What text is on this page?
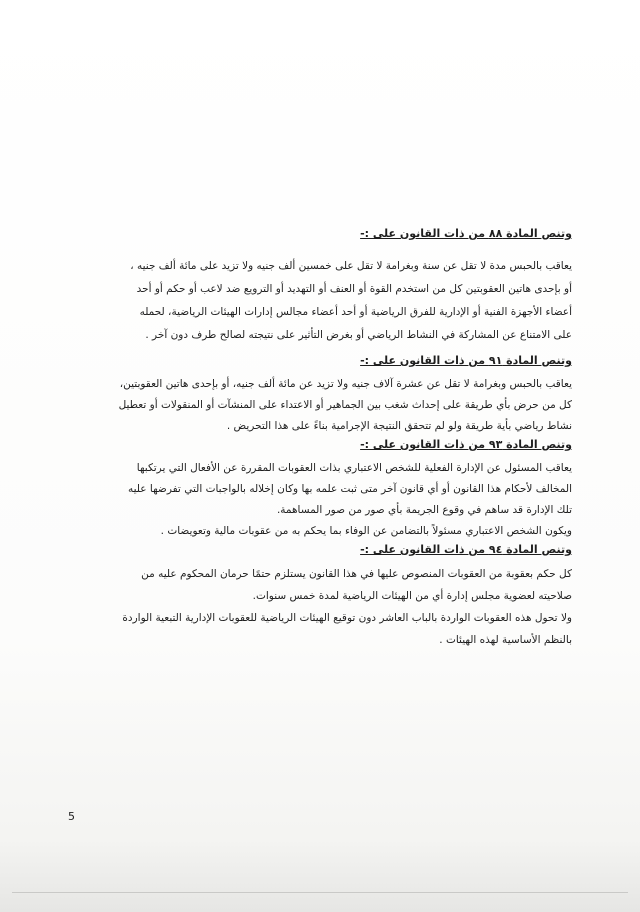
وتنص المادة ٨٨ من ذات القانون على :-

يعاقب بالحبس مدة لا تقل عن سنة وبغرامة لا تقل على خمسين ألف جنيه ولا تزيد على مائة ألف جنيه ،

أو بإحدى هاتين العقوبتين كل من استخدم القوة أو العنف أو التهديد أو الترويع ضد لاعب أو حكم أو أحد

أعضاء الأجهزة الفنية أو الإدارية للفرق الرياضية أو أحد أعضاء مجالس إدارات الهيئات الرياضية، لحمله

على الامتناع عن المشاركة في النشاط الرياضي أو بغرض التأثير على نتيجته لصالح طرف دون آخر .

وتنص المادة ٩١ من ذات القانون على :-

يعاقب بالحبس وبغرامة لا تقل عن عشرة آلاف جنيه ولا تزيد عن مائة ألف جنيه، أو بإحدى هاتين العقوبتين،

كل من حرض بأي طريقة على إحداث شغب بين الجماهير أو الاعتداء على المنشآت أو المنقولات أو تعطيل

نشاط رياضي بأية طريقة ولو لم تتحقق النتيجة الإجرامية بناءً على هذا التحريض .

وتنص المادة ٩٣ من ذات القانون على :-

يعاقب المسئول عن الإدارة الفعلية للشخص الاعتباري بذات العقوبات المقررة عن الأفعال التي يرتكبها

المخالف لأحكام هذا القانون أو أي قانون آخر متى ثبت علمه بها وكان إخلاله بالواجبات التي تفرضها عليه

تلك الإدارة قد ساهم في وقوع الجريمة بأي صور من صور المساهمة.

ويكون الشخص الاعتباري مسئولاً بالتضامن عن الوفاء بما يحكم به من عقوبات مالية وتعويضات .

وتنص المادة ٩٤ من ذات القانون على :-

كل حكم بعقوبة من العقوبات المنصوص عليها في هذا القانون يستلزم حتمًا حرمان المحكوم عليه من

صلاحيته لعضوية مجلس إدارة أي من الهيئات الرياضية لمدة خمس سنوات.

ولا تحول هذه العقوبات الواردة بالباب العاشر دون توقيع الهيئات الرياضية للعقوبات الإدارية التبعية الواردة

بالنظم الأساسية لهذه الهيئات .

5
